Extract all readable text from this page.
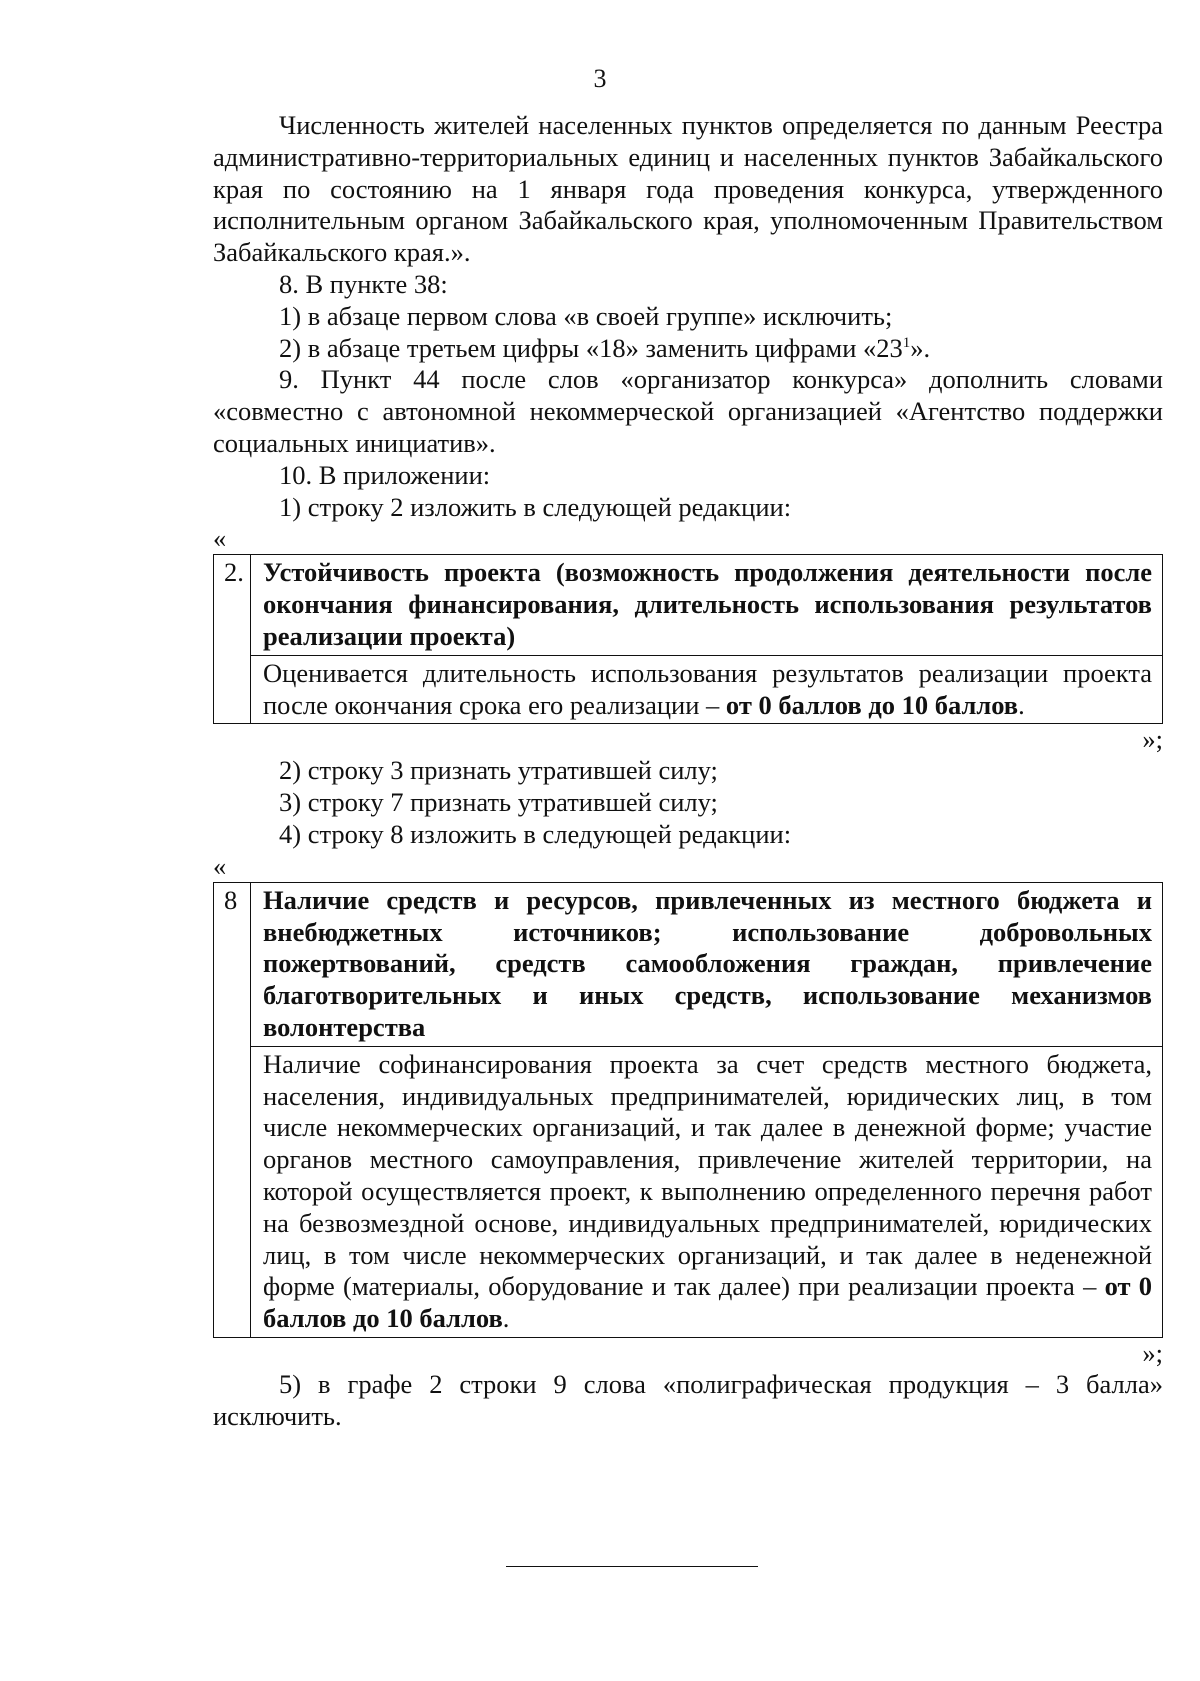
3

Численность жителей населенных пунктов определяется по данным Реестра административно-территориальных единиц и населенных пунктов Забайкальского края по состоянию на 1 января года проведения конкурса, утвержденного исполнительным органом Забайкальского края, уполномоченным Правительством Забайкальского края.».

8. В пункте 38:

1) в абзаце первом слова «в своей группе» исключить;

2) в абзаце третьем цифры «18» заменить цифрами «$23^1$».

9. Пункт 44 после слов «организатор конкурса» дополнить словами «совместно с автономной некоммерческой организацией «Агентство поддержки социальных инициатив».

10. В приложении:

1) строку 2 изложить в следующей редакции:

«

2.	Устойчивость проекта (возможность продолжения деятельности после окончания финансирования, длительность использования результатов реализации проекта)
Оценивается длительность использования результатов реализации проекта после окончания срока его реализации – от 0 баллов до 10 баллов.

»;

2) строку 3 признать утратившей силу;

3) строку 7 признать утратившей силу;

4) строку 8 изложить в следующей редакции:

«

8	Наличие средств и ресурсов, привлеченных из местного бюджета и внебюджетных источников; использование добровольных пожертвований, средств самообложения граждан, привлечение благотворительных и иных средств, использование механизмов волонтерства
Наличие софинансирования проекта за счет средств местного бюджета, населения, индивидуальных предпринимателей, юридических лиц, в том числе некоммерческих организаций, и так далее в денежной форме; участие органов местного самоуправления, привлечение жителей территории, на которой осуществляется проект, к выполнению определенного перечня работ на безвозмездной основе, индивидуальных предпринимателей, юридических лиц, в том числе некоммерческих организаций, и так далее в неденежной форме (материалы, оборудование и так далее) при реализации проекта – от 0 баллов до 10 баллов.

»;

5) в графе 2 строки 9 слова «полиграфическая продукция – 3 балла» исключить.
